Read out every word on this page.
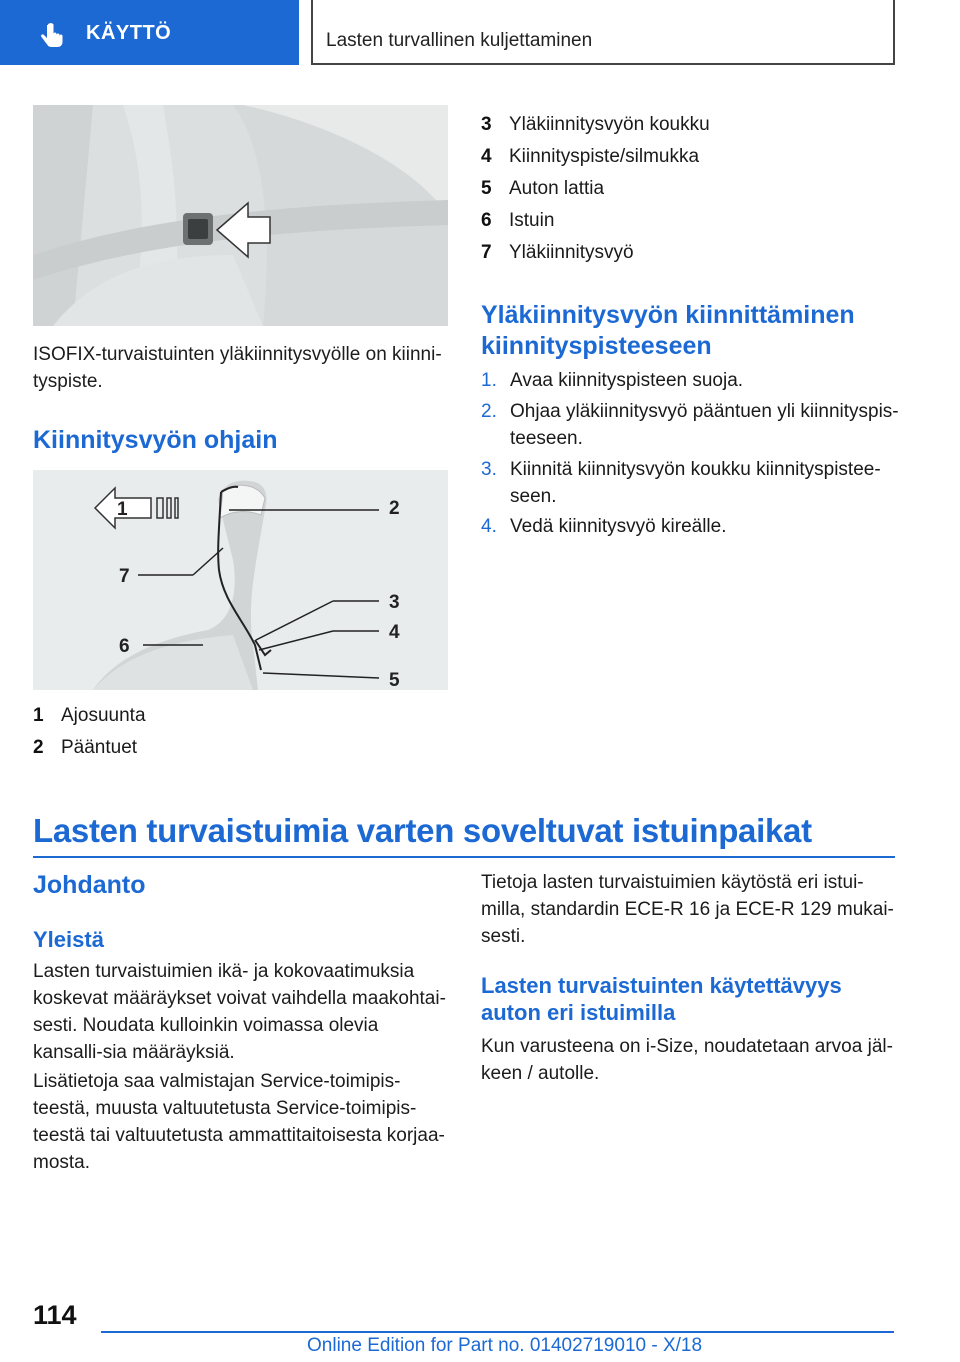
KÄYTTÖ	Lasten turvallinen kuljettaminen
ISOFIX-turvaistuinten yläkiinnitysvyölle on kiinni-tyspiste.
Kiinnitysvyön ohjain
1	2
3
4
5
6
7
1 Ajosuunta
2 Pääntuet
3 Yläkiinnitysvyön koukku
4 Kiinnityspiste/silmukka
5 Auton lattia
6 Istuin
7 Yläkiinnitysvyö
Yläkiinnitysvyön kiinnittäminen kiinnityspisteeseen
1. Avaa kiinnityspisteen suoja.
2. Ohjaa yläkiinnitysvyö pääntuen yli kiinnityspis-teeseen.
3. Kiinnitä kiinnitysvyön koukku kiinnityspistee-seen.
4. Vedä kiinnitysvyö kireälle.
Lasten turvaistuimia varten soveltuvat istuinpaikat
Johdanto
Yleistä
Lasten turvaistuimien ikä- ja kokovaatimuksia koskevat määräykset voivat vaihdella maakohtai-sesti. Noudata kulloinkin voimassa olevia kansalli-sia määräyksiä.
Lisätietoja saa valmistajan Service-toimipis-teestä, muusta valtuutetusta Service-toimipis-teestä tai valtuutetusta ammattitaitoisesta korjaa-mosta.
Tietoja lasten turvaistuimien käytöstä eri istui-milla, standardin ECE-R 16 ja ECE-R 129 mukai-sesti.
Lasten turvaistuinten käytettävyys auton eri istuimilla
Kun varusteena on i-Size, noudatetaan arvoa jäl-keen / autolle.
114
Online Edition for Part no. 01402719010 - X/18
